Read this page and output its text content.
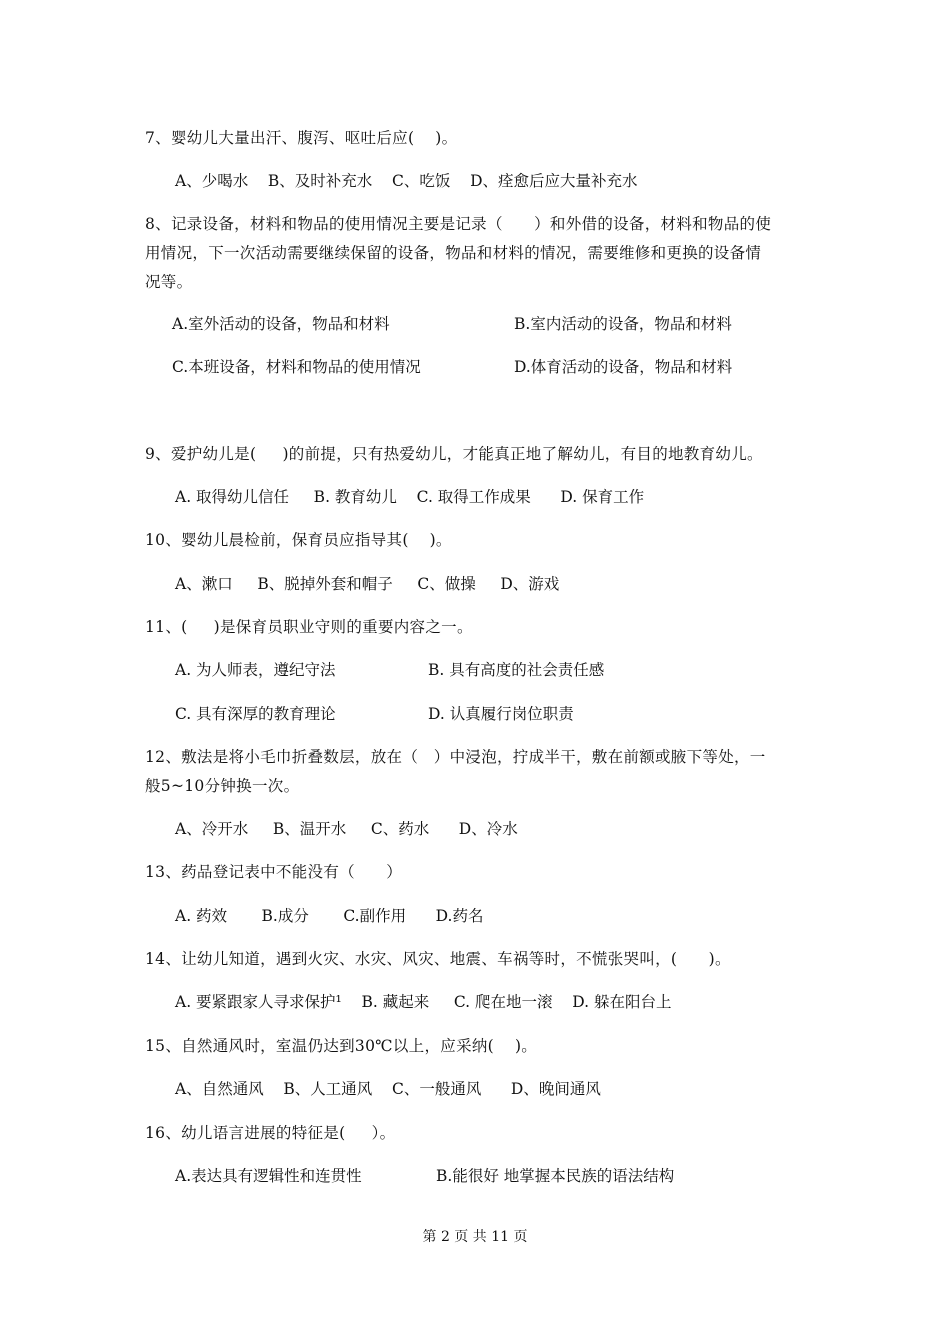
7、婴幼儿大量出汗、腹泻、呕吐后应(    )。
A、少喝水    B、及时补充水    C、吃饭    D、痊愈后应大量补充水
8、记录设备，材料和物品的使用情况主要是记录（      ）和外借的设备，材料和物品的使
用情况，下一次活动需要继续保留的设备，物品和材料的情况，需要维修和更换的设备情
况等。
A.室外活动的设备，物品和材料	B.室内活动的设备，物品和材料
C.本班设备，材料和物品的使用情况	D.体育活动的设备，物品和材料
9、爱护幼儿是(     )的前提，只有热爱幼儿，才能真正地了解幼儿，有目的地教育幼儿。
A. 取得幼儿信任     B. 教育幼儿    C. 取得工作成果      D. 保育工作
10、婴幼儿晨检前，保育员应指导其(    )。
A、漱口     B、脱掉外套和帽子     C、做操     D、游戏
11、(     )是保育员职业守则的重要内容之一。
A. 为人师表，遵纪守法	B. 具有高度的社会责任感
C. 具有深厚的教育理论	D. 认真履行岗位职责
12、敷法是将小毛巾折叠数层，放在（   ）中浸泡，拧成半干，敷在前额或腋下等处，一
般5~10分钟换一次。
A、冷开水     B、温开水     C、药水      D、冷水
13、药品登记表中不能没有（      ）
A. 药效       B.成分       C.副作用      D.药名
14、让幼儿知道，遇到火灾、水灾、风灾、地震、车祸等时，不慌张哭叫，(      )。
A. 要紧跟家人寻求保护¹    B. 藏起来     C. 爬在地一滚    D. 躲在阳台上
15、自然通风时，室温仍达到30℃以上，应采纳(    )。
A、自然通风    B、人工通风    C、一般通风      D、晚间通风
16、幼儿语言进展的特征是(     ）。
A.表达具有逻辑性和连贯性	B.能很好 地掌握本民族的语法结构
第 2 页 共 11 页
